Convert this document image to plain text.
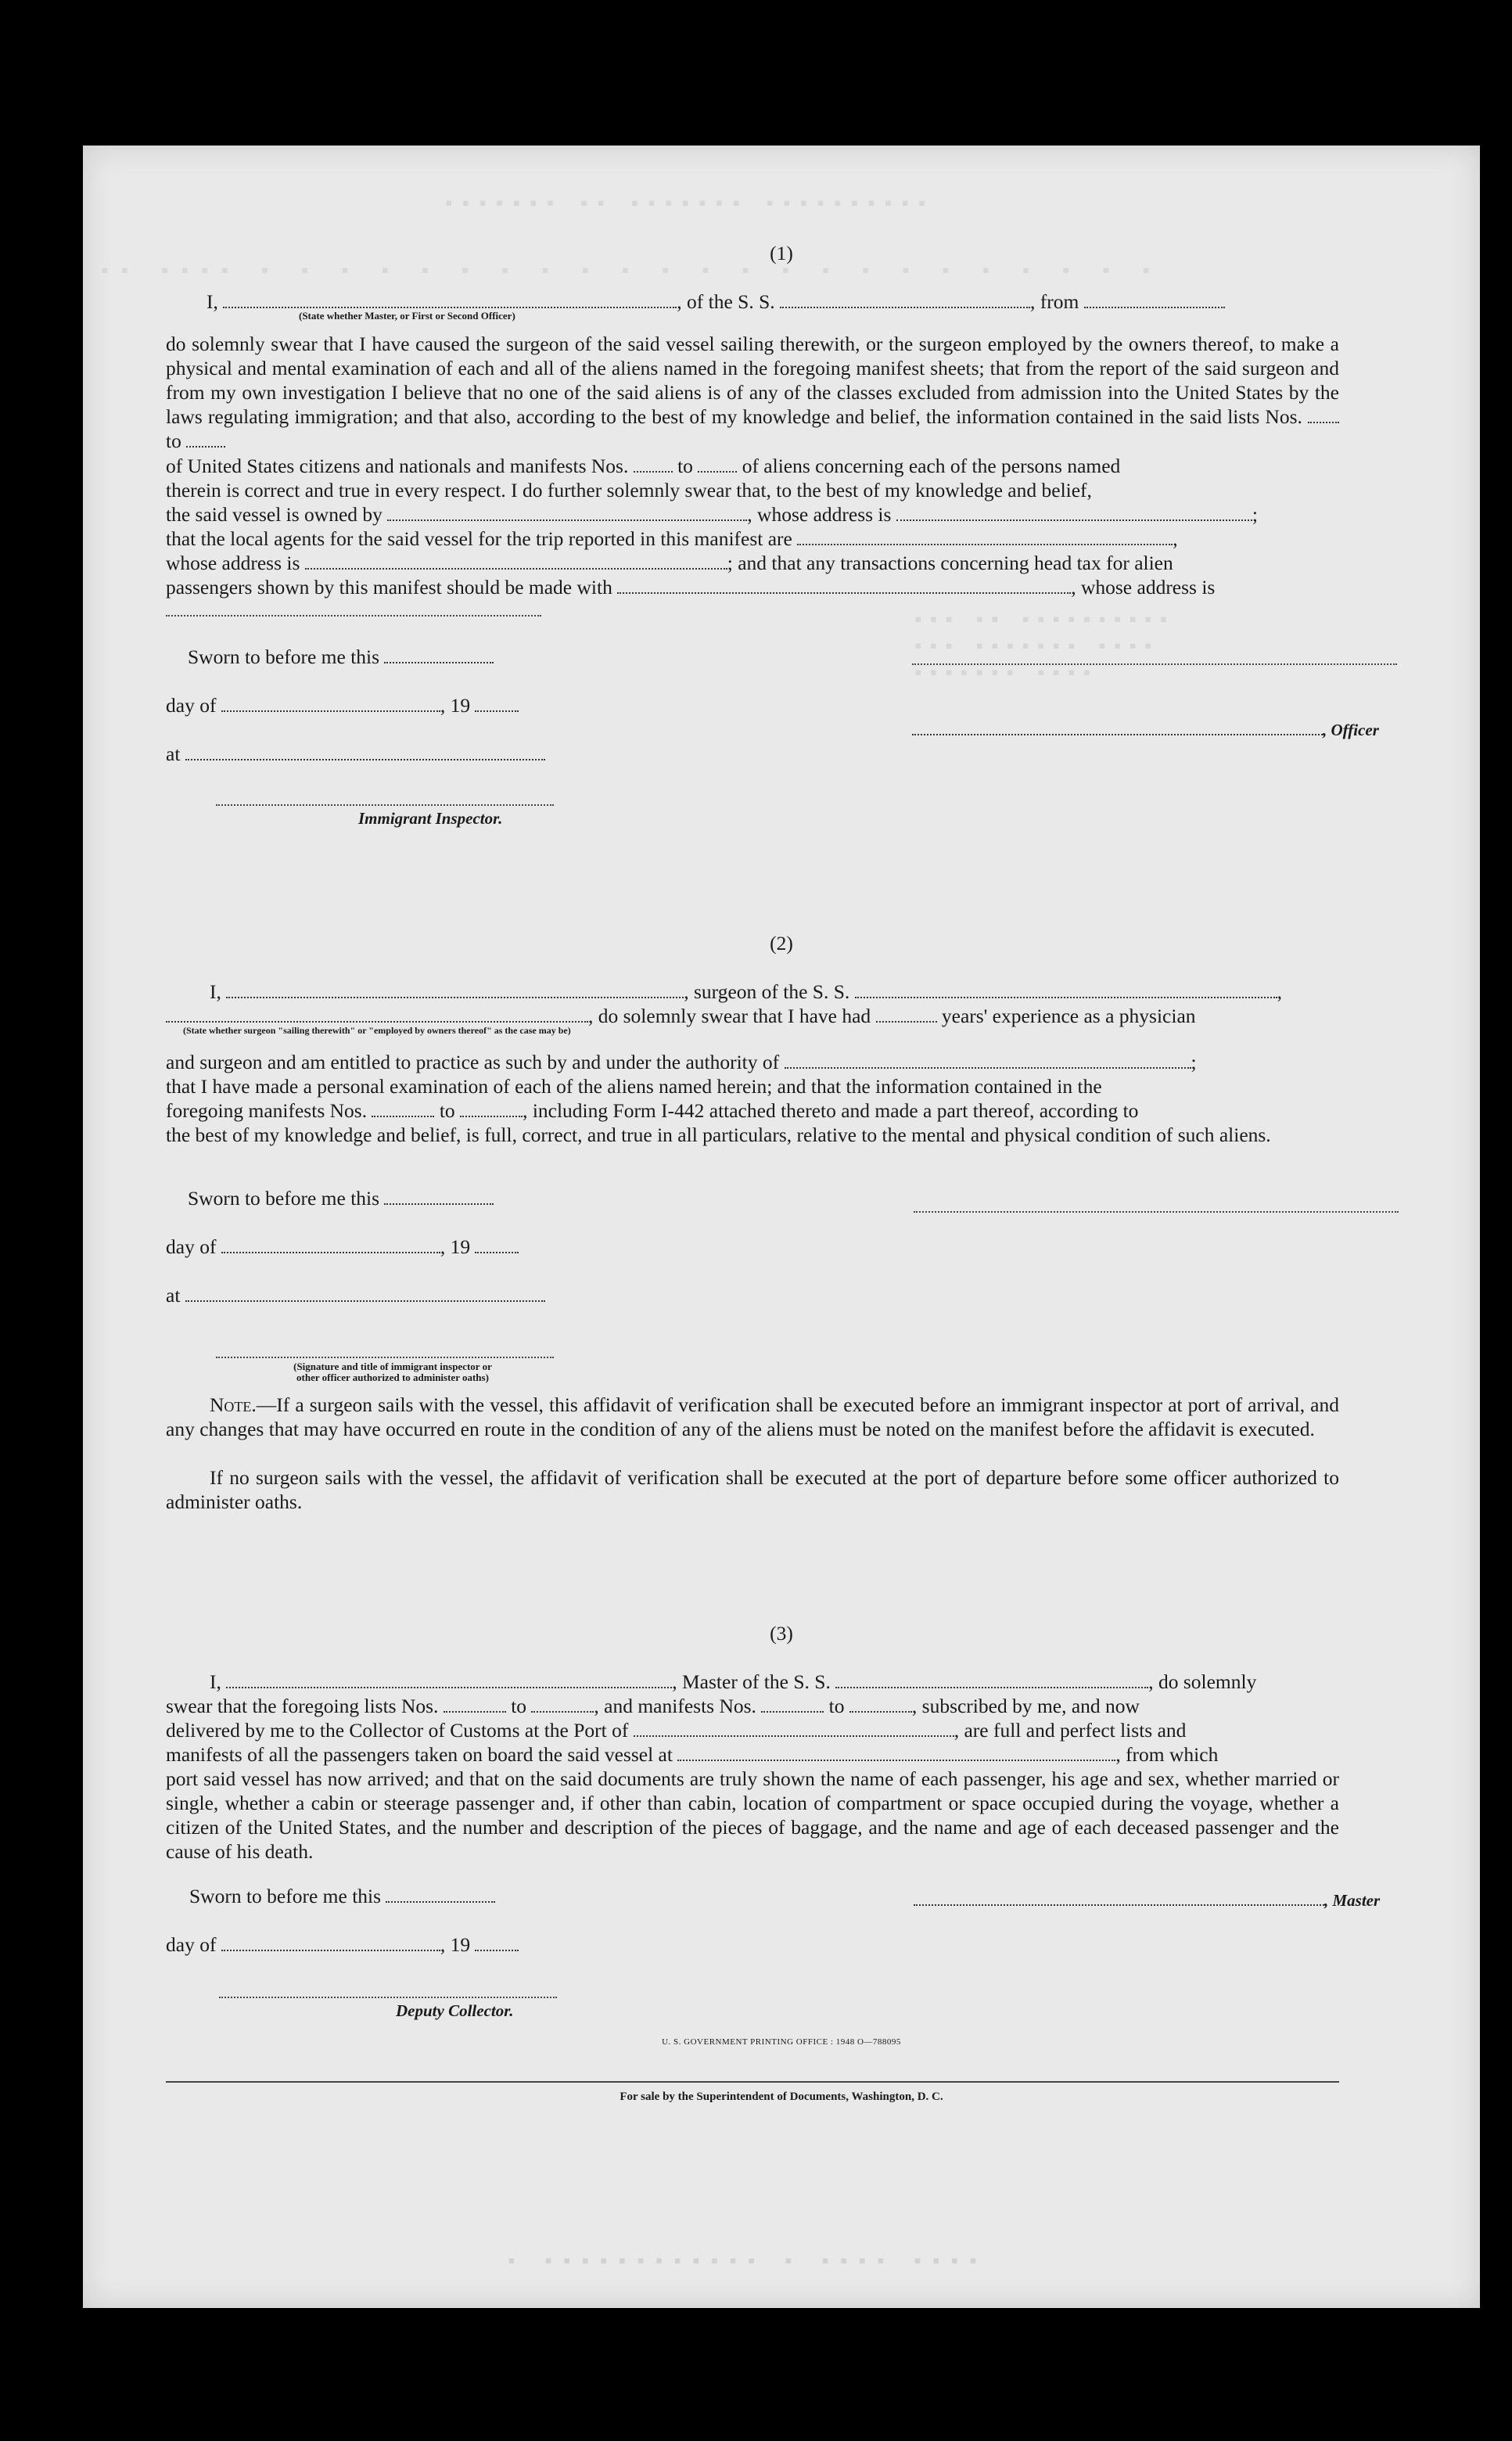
▪▪▪▪▪▪▪ ▪▪ ▪▪▪▪▪▪▪ ▪▪▪▪▪▪▪▪▪▪
▪▪ ▪▪▪▪ ▪ ▪ ▪ ▪ ▪ ▪ ▪ ▪ ▪ ▪ ▪ ▪ ▪ ▪ ▪ ▪ ▪ ▪ ▪ ▪ ▪ ▪ ▪
▪▪▪ ▪▪ ▪▪▪▪▪▪▪▪▪▪
▪▪▪ ▪▪▪▪▪▪▪ ▪▪▪▪
▪▪▪▪▪▪▪ ▪▪▪▪
▪ ▪▪▪▪▪▪▪▪▪▪▪▪ ▪ ▪▪▪▪ ▪▪▪▪
(1)
I,	, of the S. S.	, from
(State whether Master, or First or Second Officer)
do solemnly swear that I have caused the surgeon of the said vessel sailing therewith, or the surgeon employed by the owners thereof, to make a physical and mental examination of each and all of the aliens named in the foregoing manifest sheets; that from the report of the said surgeon and from my own investigation I believe that no one of the said aliens is of any of the classes excluded from admission into the United States by the laws regulating immigration; and that also, according to the best of my knowledge and belief, the information contained in the said lists Nos.  to
of United States citizens and nationals and manifests Nos. to of aliens concerning each of the persons named
therein is correct and true in every respect. I do further solemnly swear that, to the best of my knowledge and belief,
the said vessel is owned by	, whose address is	;
that the local agents for the said vessel for the trip reported in this manifest are	,
whose address is	; and that any transactions concerning head tax for alien
passengers shown by this manifest should be made with	, whose address is
Sworn to before me this
day of	, 19
, Officer
at
Immigrant Inspector.
(2)
I,	, surgeon of the S. S.	,
, do solemnly swear that I have had	years' experience as a physician
(State whether surgeon "sailing therewith" or "employed by owners thereof" as the case may be)
and surgeon and am entitled to practice as such by and under the authority of	;
that I have made a personal examination of each of the aliens named herein; and that the information contained in the
foregoing manifests Nos.	to	, including Form I-442 attached thereto and made a part thereof, according to
the best of my knowledge and belief, is full, correct, and true in all particulars, relative to the mental and physical condition of such aliens.
Sworn to before me this
day of	, 19
at
(Signature and title of immigrant inspector or
other officer authorized to administer oaths)
Note.—If a surgeon sails with the vessel, this affidavit of verification shall be executed before an immigrant inspector at port of arrival, and any changes that may have occurred en route in the condition of any of the aliens must be noted on the manifest before the affidavit is executed.
If no surgeon sails with the vessel, the affidavit of verification shall be executed at the port of departure before some officer authorized to administer oaths.
(3)
I,	, Master of the S. S.	, do solemnly
swear that the foregoing lists Nos.	to	, and manifests Nos.	to	, subscribed by me, and now
delivered by me to the Collector of Customs at the Port of	, are full and perfect lists and
manifests of all the passengers taken on board the said vessel at	, from which
port said vessel has now arrived; and that on the said documents are truly shown the name of each passenger, his age and sex, whether married or single, whether a cabin or steerage passenger and, if other than cabin, location of compartment or space occupied during the voyage, whether a citizen of the United States, and the number and description of the pieces of baggage, and the name and age of each deceased passenger and the cause of his death.
Sworn to before me this	, Master
day of	, 19
Deputy Collector.
U. S. GOVERNMENT PRINTING OFFICE : 1948 O—788095
For sale by the Superintendent of Documents, Washington, D. C.
